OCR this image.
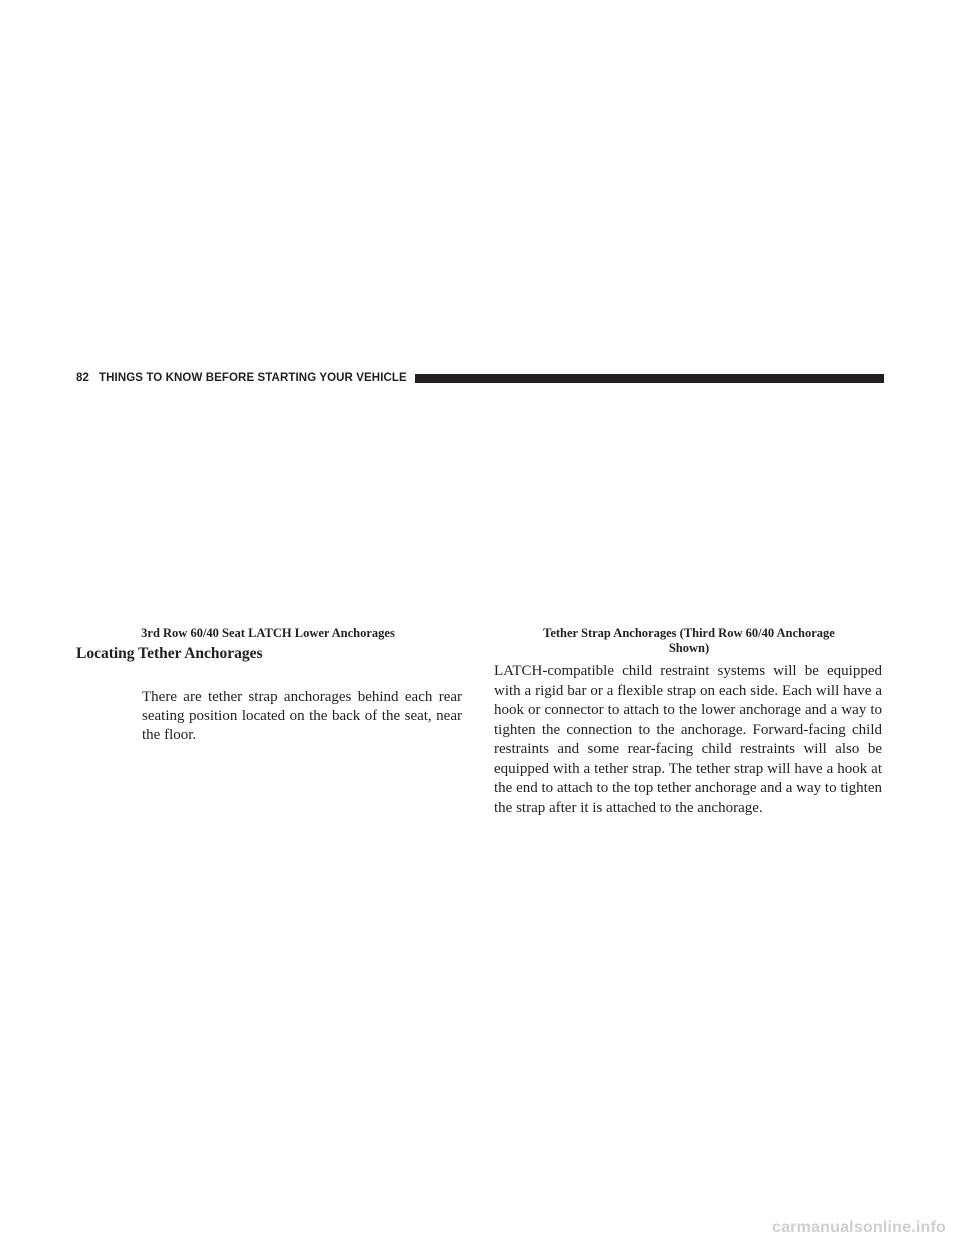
82 THINGS TO KNOW BEFORE STARTING YOUR VEHICLE
3rd Row 60/40 Seat LATCH Lower Anchorages	Tether Strap Anchorages (Third Row 60/40 Anchorage
Shown)
Locating Tether Anchorages

There are tether strap anchorages behind each rear seating position located on the back of the seat, near the floor.

LATCH-compatible child restraint systems will be equipped with a rigid bar or a flexible strap on each side. Each will have a hook or connector to attach to the lower anchorage and a way to tighten the connection to the anchorage. Forward-facing child restraints and some rear-facing child restraints will also be equipped with a tether strap. The tether strap will have a hook at the end to attach to the top tether anchorage and a way to tighten the strap after it is attached to the anchorage.

carmanualsonline.info
